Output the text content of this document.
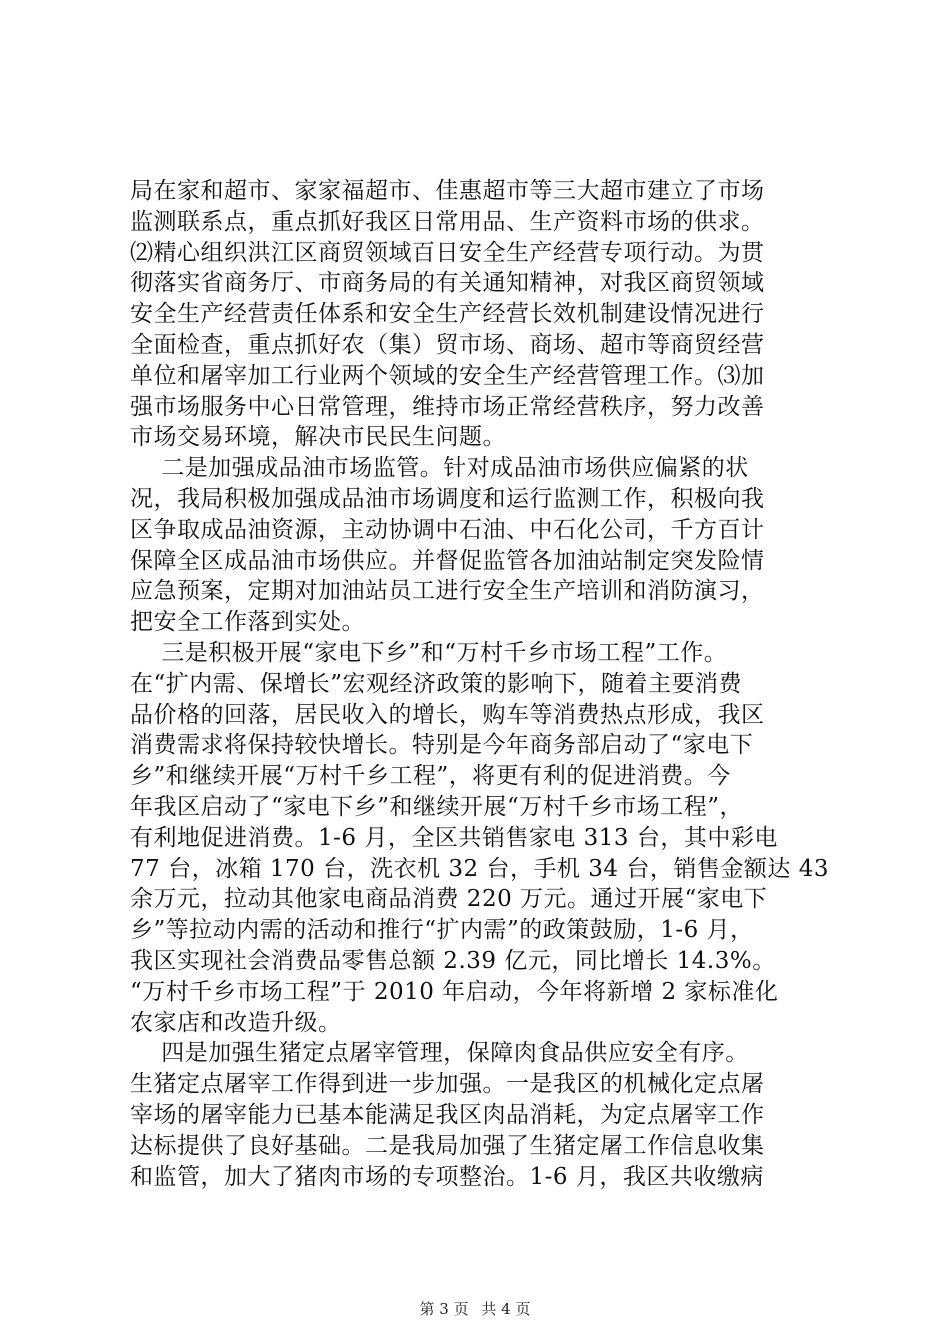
局在家和超市、家家福超市、佳惠超市等三大超市建立了市场
监测联系点，重点抓好我区日常用品、生产资料市场的供求。
⑵精心组织洪江区商贸领域百日安全生产经营专项行动。为贯
彻落实省商务厅、市商务局的有关通知精神，对我区商贸领域
安全生产经营责任体系和安全生产经营长效机制建设情况进行
全面检查，重点抓好农（集）贸市场、商场、超市等商贸经营
单位和屠宰加工行业两个领域的安全生产经营管理工作。⑶加
强市场服务中心日常管理，维持市场正常经营秩序，努力改善
市场交易环境，解决市民民生问题。
二是加强成品油市场监管。针对成品油市场供应偏紧的状
况，我局积极加强成品油市场调度和运行监测工作，积极向我
区争取成品油资源，主动协调中石油、中石化公司，千方百计
保障全区成品油市场供应。并督促监管各加油站制定突发险情
应急预案，定期对加油站员工进行安全生产培训和消防演习，
把安全工作落到实处。
三是积极开展“家电下乡”和“万村千乡市场工程”工作。
在“扩内需、保增长”宏观经济政策的影响下，随着主要消费
品价格的回落，居民收入的增长，购车等消费热点形成，我区
消费需求将保持较快增长。特别是今年商务部启动了“家电下
乡”和继续开展“万村千乡工程”，将更有利的促进消费。今
年我区启动了“家电下乡”和继续开展“万村千乡市场工程”，
有利地促进消费。1-6 月，全区共销售家电 313 台，其中彩电
77 台，冰箱 170 台，洗衣机 32 台，手机 34 台，销售金额达 43
余万元，拉动其他家电商品消费 220 万元。通过开展“家电下
乡”等拉动内需的活动和推行“扩内需”的政策鼓励，1-6 月，
我区实现社会消费品零售总额 2.39 亿元，同比增长 14.3%。
“万村千乡市场工程”于 2010 年启动，今年将新增 2 家标准化
农家店和改造升级。
四是加强生猪定点屠宰管理，保障肉食品供应安全有序。
生猪定点屠宰工作得到进一步加强。一是我区的机械化定点屠
宰场的屠宰能力已基本能满足我区肉品消耗，为定点屠宰工作
达标提供了良好基础。二是我局加强了生猪定屠工作信息收集
和监管，加大了猪肉市场的专项整治。1-6 月，我区共收缴病
第 3 页 共 4 页
